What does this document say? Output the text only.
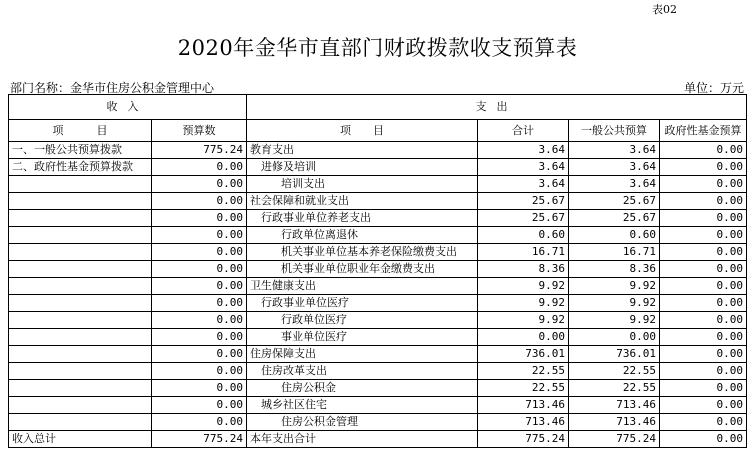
表02
2020年金华市直部门财政拨款收支预算表
部门名称：金华市住房公积金管理中心	单位：万元
收入		支出			
项　　　目	预算数	项　　目	合计	一般公共预算	政府性基金预算
一、一般公共预算拨款	775.24	教育支出	3.64	3.64	0.00
二、政府性基金预算拨款	0.00	进修及培训	3.64	3.64	0.00
	0.00	培训支出	3.64	3.64	0.00
	0.00	社会保障和就业支出	25.67	25.67	0.00
	0.00	行政事业单位养老支出	25.67	25.67	0.00
	0.00	行政单位离退休	0.60	0.60	0.00
	0.00	机关事业单位基本养老保险缴费支出	16.71	16.71	0.00
	0.00	机关事业单位职业年金缴费支出	8.36	8.36	0.00
	0.00	卫生健康支出	9.92	9.92	0.00
	0.00	行政事业单位医疗	9.92	9.92	0.00
	0.00	行政单位医疗	9.92	9.92	0.00
	0.00	事业单位医疗	0.00	0.00	0.00
	0.00	住房保障支出	736.01	736.01	0.00
	0.00	住房改革支出	22.55	22.55	0.00
	0.00	住房公积金	22.55	22.55	0.00
	0.00	城乡社区住宅	713.46	713.46	0.00
	0.00	住房公积金管理	713.46	713.46	0.00
收入总计	775.24	本年支出合计	775.24	775.24	0.00
